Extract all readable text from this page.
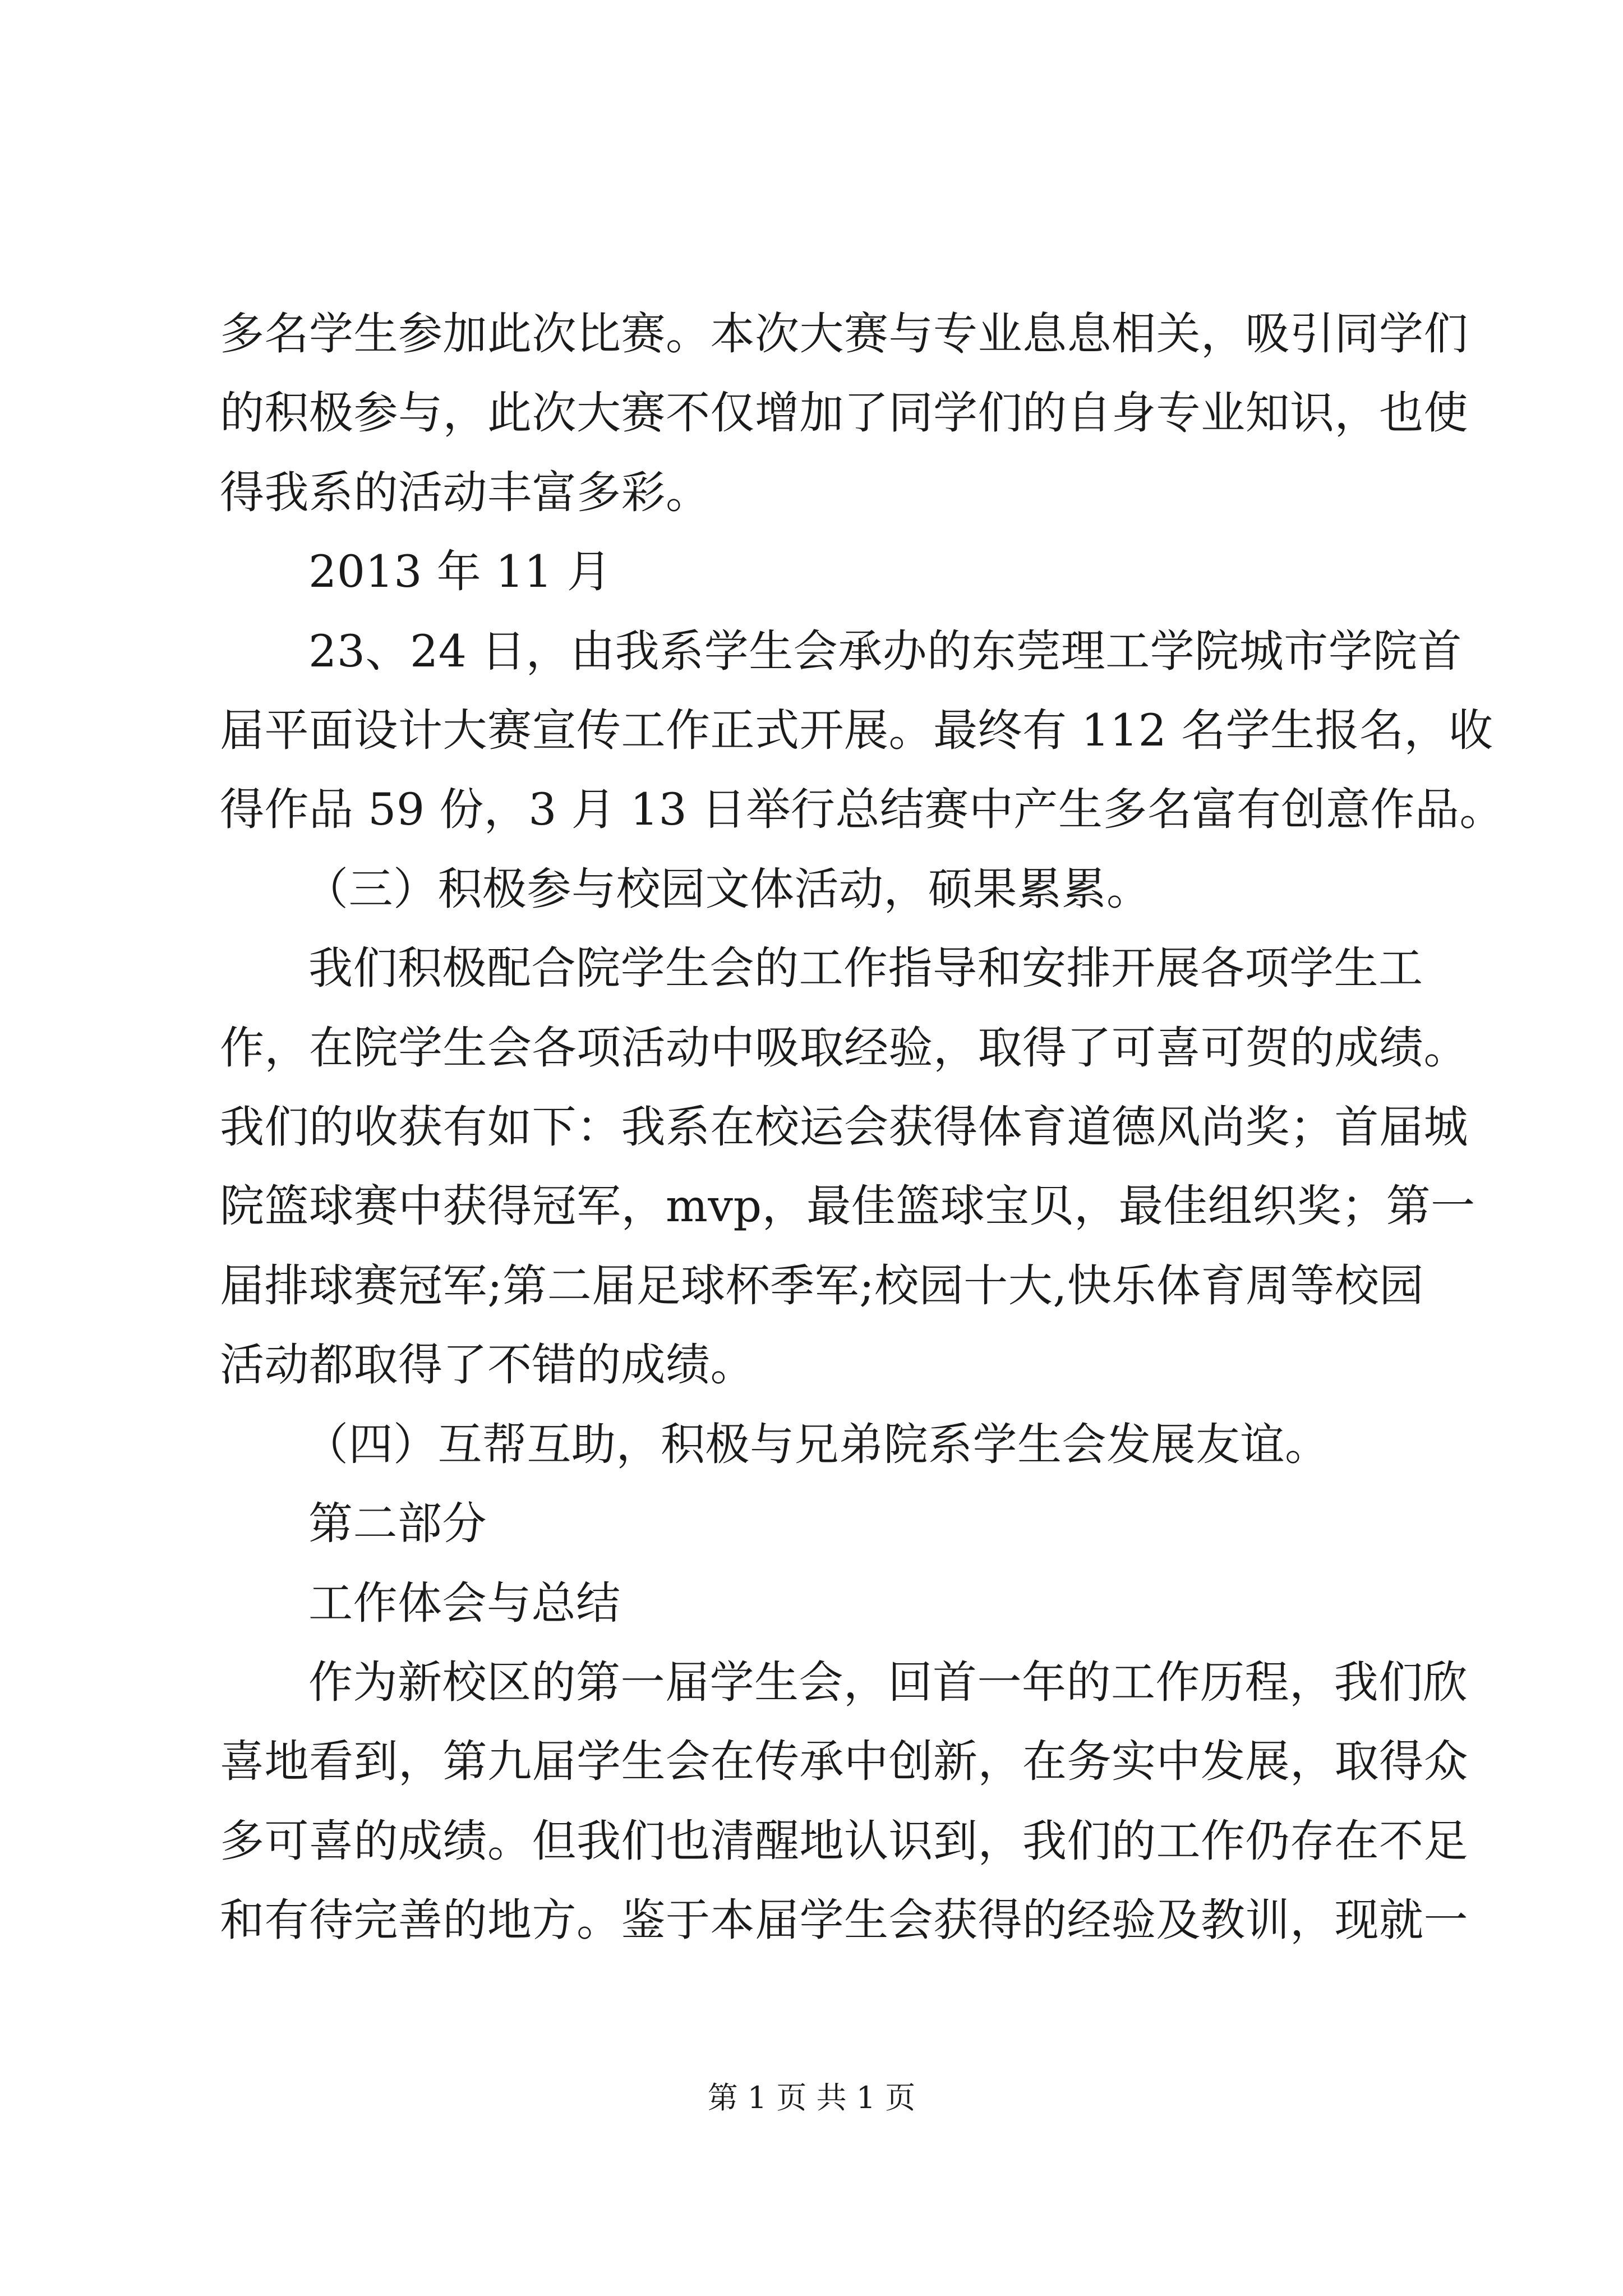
多名学生参加此次比赛。本次大赛与专业息息相关，吸引同学们

的积极参与，此次大赛不仅增加了同学们的自身专业知识，也使

得我系的活动丰富多彩。

2013 年 11 月

23、24 日，由我系学生会承办的东莞理工学院城市学院首

届平面设计大赛宣传工作正式开展。最终有 112 名学生报名，收

得作品 59 份，3 月 13 日举行总结赛中产生多名富有创意作品。

（三）积极参与校园文体活动，硕果累累。

我们积极配合院学生会的工作指导和安排开展各项学生工

作，在院学生会各项活动中吸取经验，取得了可喜可贺的成绩。

我们的收获有如下：我系在校运会获得体育道德风尚奖；首届城

院篮球赛中获得冠军，mvp，最佳篮球宝贝，最佳组织奖；第一

届排球赛冠军;第二届足球杯季军;校园十大,快乐体育周等校园

活动都取得了不错的成绩。

（四）互帮互助，积极与兄弟院系学生会发展友谊。

第二部分

工作体会与总结

作为新校区的第一届学生会，回首一年的工作历程，我们欣

喜地看到，第九届学生会在传承中创新，在务实中发展，取得众

多可喜的成绩。但我们也清醒地认识到，我们的工作仍存在不足

和有待完善的地方。鉴于本届学生会获得的经验及教训，现就一

第 1 页 共 1 页
